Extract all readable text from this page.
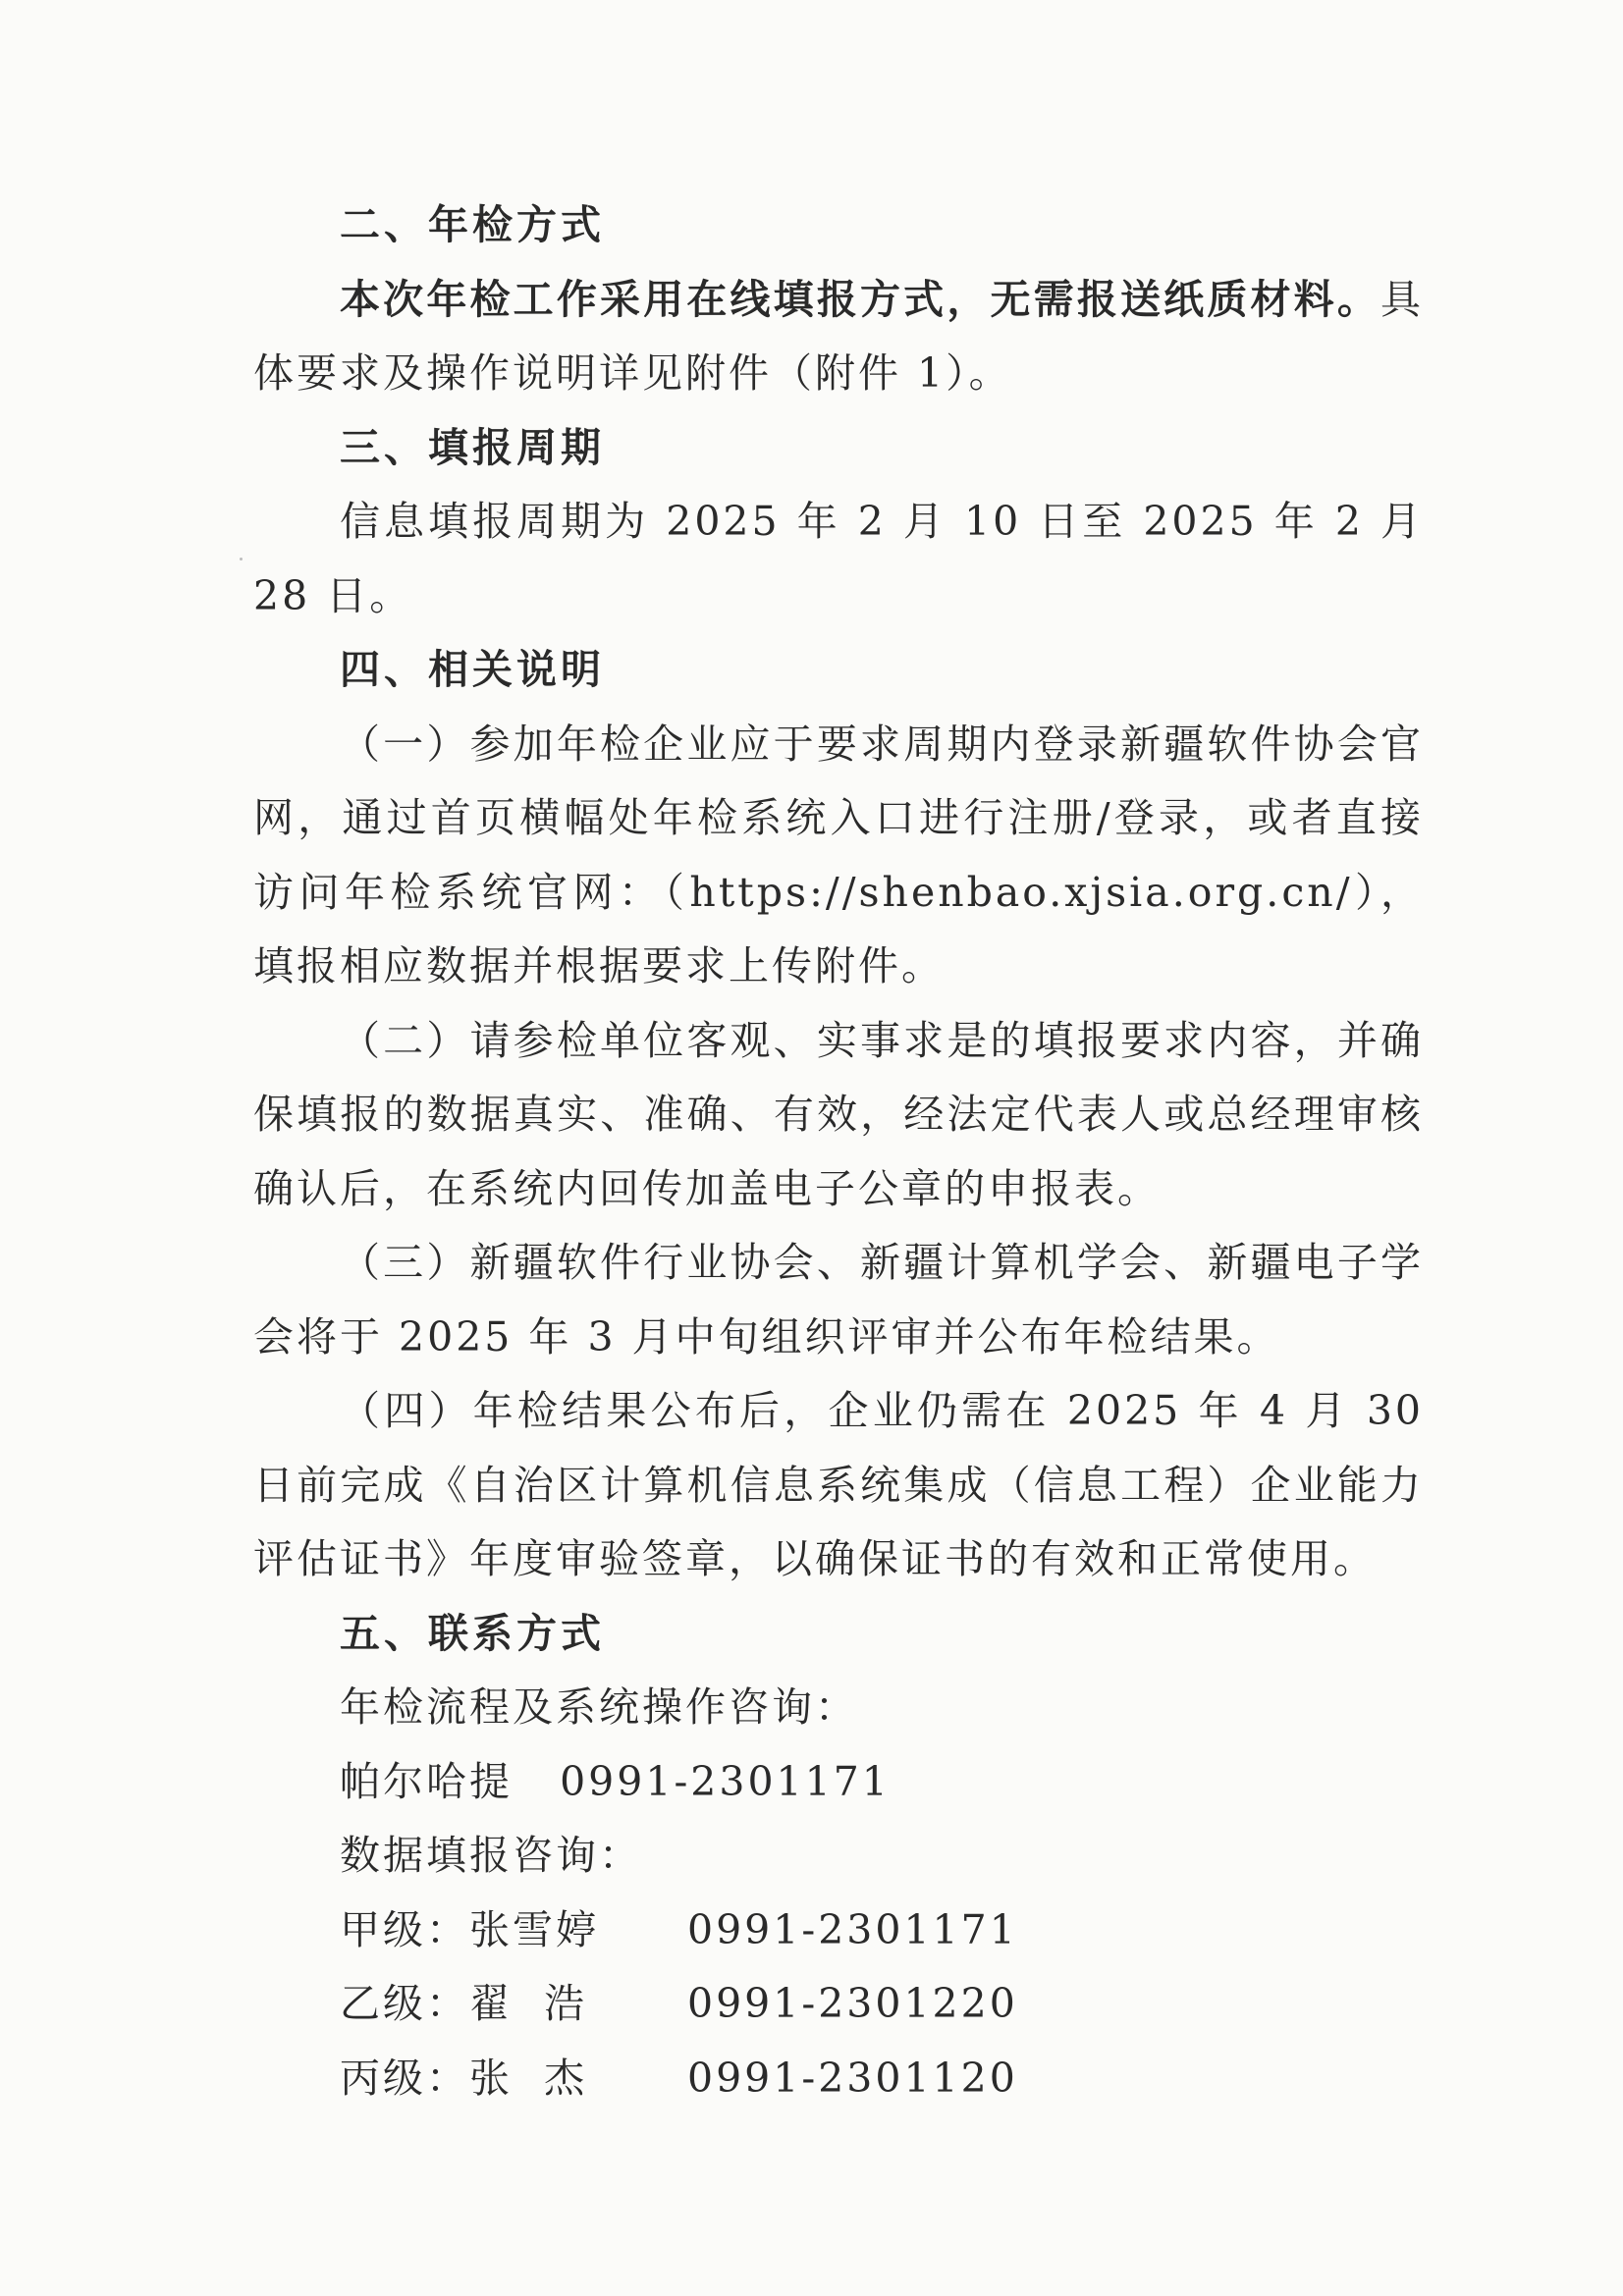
二、年检方式
本次年检工作采用在线填报方式，无需报送纸质材料。具体要求及操作说明详见附件（附件 1）。
三、填报周期
信息填报周期为 2025 年 2 月 10 日至 2025 年 2 月 28 日。
四、相关说明
（一）参加年检企业应于要求周期内登录新疆软件协会官网，通过首页横幅处年检系统入口进行注册/登录，或者直接访问年检系统官网：（https://shenbao.xjsia.org.cn/），填报相应数据并根据要求上传附件。
（二）请参检单位客观、实事求是的填报要求内容，并确保填报的数据真实、准确、有效，经法定代表人或总经理审核确认后，在系统内回传加盖电子公章的申报表。
（三）新疆软件行业协会、新疆计算机学会、新疆电子学会将于 2025 年 3 月中旬组织评审并公布年检结果。
（四）年检结果公布后，企业仍需在 2025 年 4 月 30 日前完成《自治区计算机信息系统集成（信息工程）企业能力评估证书》年度审验签章，以确保证书的有效和正常使用。
五、联系方式
年检流程及系统操作咨询：
帕尔哈提   0991-2301171
数据填报咨询：
甲级： 张雪婷	0991-2301171
乙级： 翟  浩	0991-2301220
丙级： 张  杰	0991-2301120
